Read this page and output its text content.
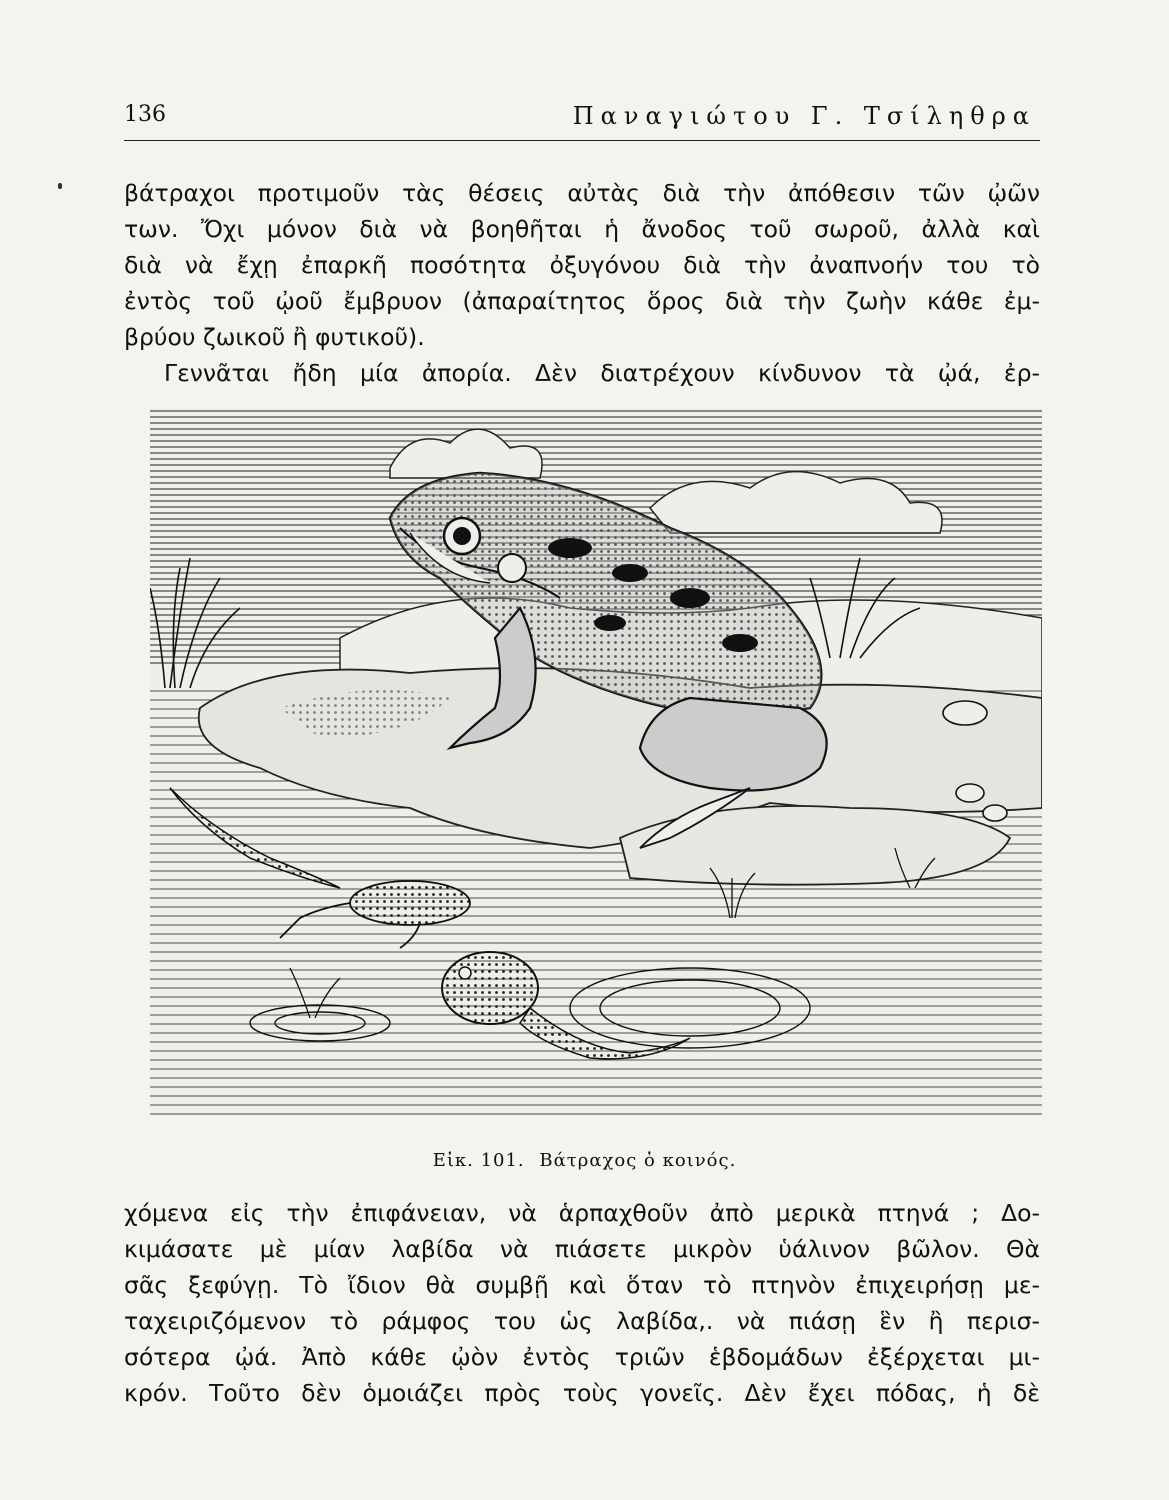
136	Παναγιώτου Γ. Τσίληθρα

βάτραχοι προτιμοῦν τὰς θέσεις αὐτὰς διὰ τὴν ἀπόθεσιν τῶν ᾠῶν
των. Ὄχι μόνον διὰ νὰ βοηθῆται ἡ ἄνοδος τοῦ σωροῦ, ἀλλὰ καὶ
διὰ νὰ ἔχῃ ἐπαρκῆ ποσότητα ὀξυγόνου διὰ τὴν ἀναπνοήν του τὸ
ἐντὸς τοῦ ᾠοῦ ἔμβρυον (ἀπαραίτητος ὅρος διὰ τὴν ζωὴν κάθε ἐμ-
βρύου ζωικοῦ ἢ φυτικοῦ).

Γεννᾶται ἤδη μία ἀπορία. Δὲν διατρέχουν κίνδυνον τὰ ᾠά, ἐρ-

Εἰκ. 101. Βάτραχος ὁ κοινός.

χόμενα εἰς τὴν ἐπιφάνειαν, νὰ ἁρπαχθοῦν ἀπὸ μερικὰ πτηνά ; Δο-
κιμάσατε μὲ μίαν λαβίδα νὰ πιάσετε μικρὸν ὑάλινον βῶλον. Θὰ
σᾶς ξεφύγῃ. Τὸ ἴδιον θὰ συμβῇ καὶ ὅταν τὸ πτηνὸν ἐπιχειρήσῃ με-
ταχειριζόμενον τὸ ράμφος του ὡς λαβίδα,. νὰ πιάσῃ ἓν ἢ περισ-
σότερα ᾠά. Ἀπὸ κάθε ᾠὸν ἐντὸς τριῶν ἑβδομάδων ἐξέρχεται μι-
κρόν. Τοῦτο δὲν ὁμοιάζει πρὸς τοὺς γονεῖς. Δὲν ἔχει πόδας, ἡ δὲ
